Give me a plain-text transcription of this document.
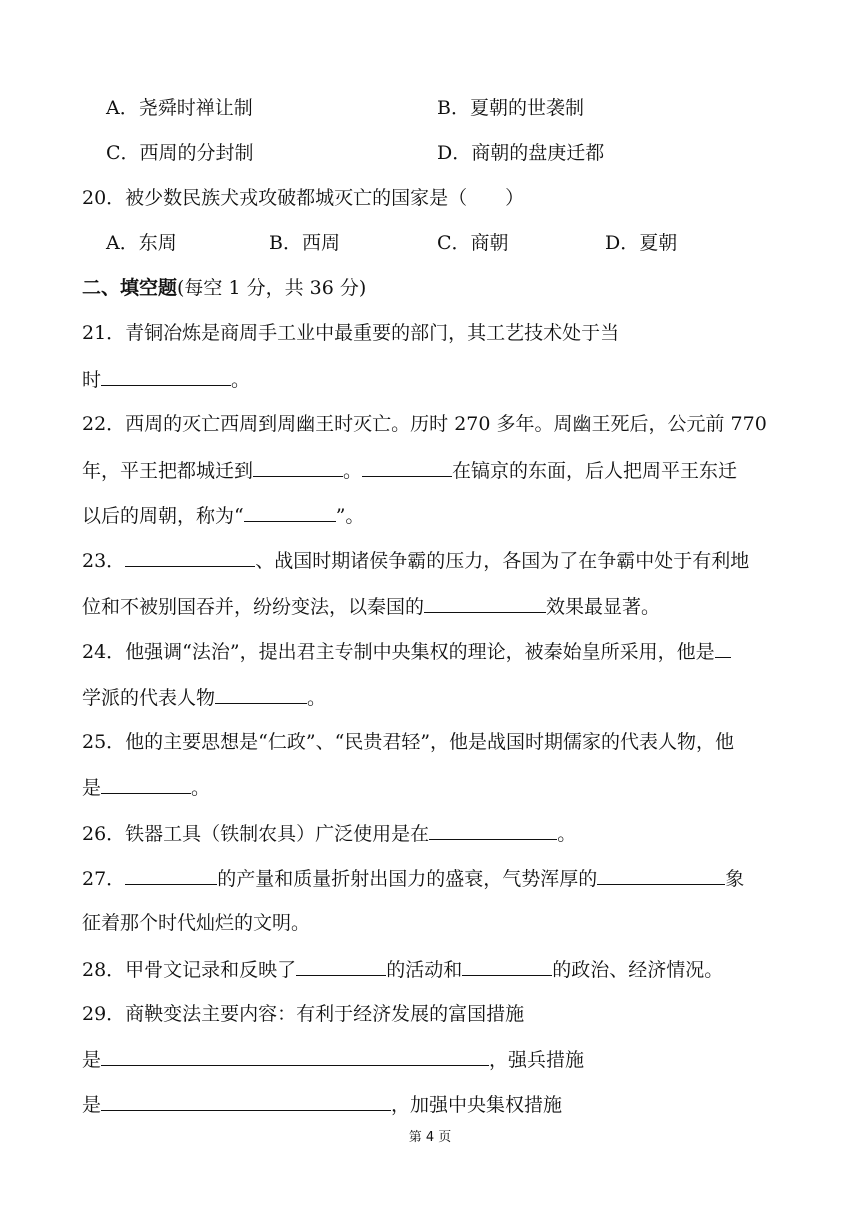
A．尧舜时禅让制	B．夏朝的世袭制
C．西周的分封制	D．商朝的盘庚迁都
20．被少数民族犬戎攻破都城灭亡的国家是（　　）
A．东周	B．西周	C．商朝	D．夏朝
二、填空题(每空 1 分，共 36 分)
21．青铜冶炼是商周手工业中最重要的部门，其工艺技术处于当
时	。
22．西周的灭亡西周到周幽王时灭亡。历时 270 多年。周幽王死后，公元前 770
年，平王把都城迁到	。	在镐京的东面，后人把周平王东迁
以后的周朝，称为“	”。
23．	、战国时期诸侯争霸的压力，各国为了在争霸中处于有利地
位和不被别国吞并，纷纷变法，以秦国的	效果最显著。
24．他强调“法治”，提出君主专制中央集权的理论，被秦始皇所采用，他是
学派的代表人物	。
25．他的主要思想是“仁政”、“民贵君轻”，他是战国时期儒家的代表人物，他
是	。
26．铁器工具（铁制农具）广泛使用是在	。
27．	的产量和质量折射出国力的盛衰，气势浑厚的	象
征着那个时代灿烂的文明。
28．甲骨文记录和反映了	的活动和	的政治、经济情况。
29．商鞅变法主要内容：有利于经济发展的富国措施
是	，强兵措施
是	，加强中央集权措施
第 4 页
